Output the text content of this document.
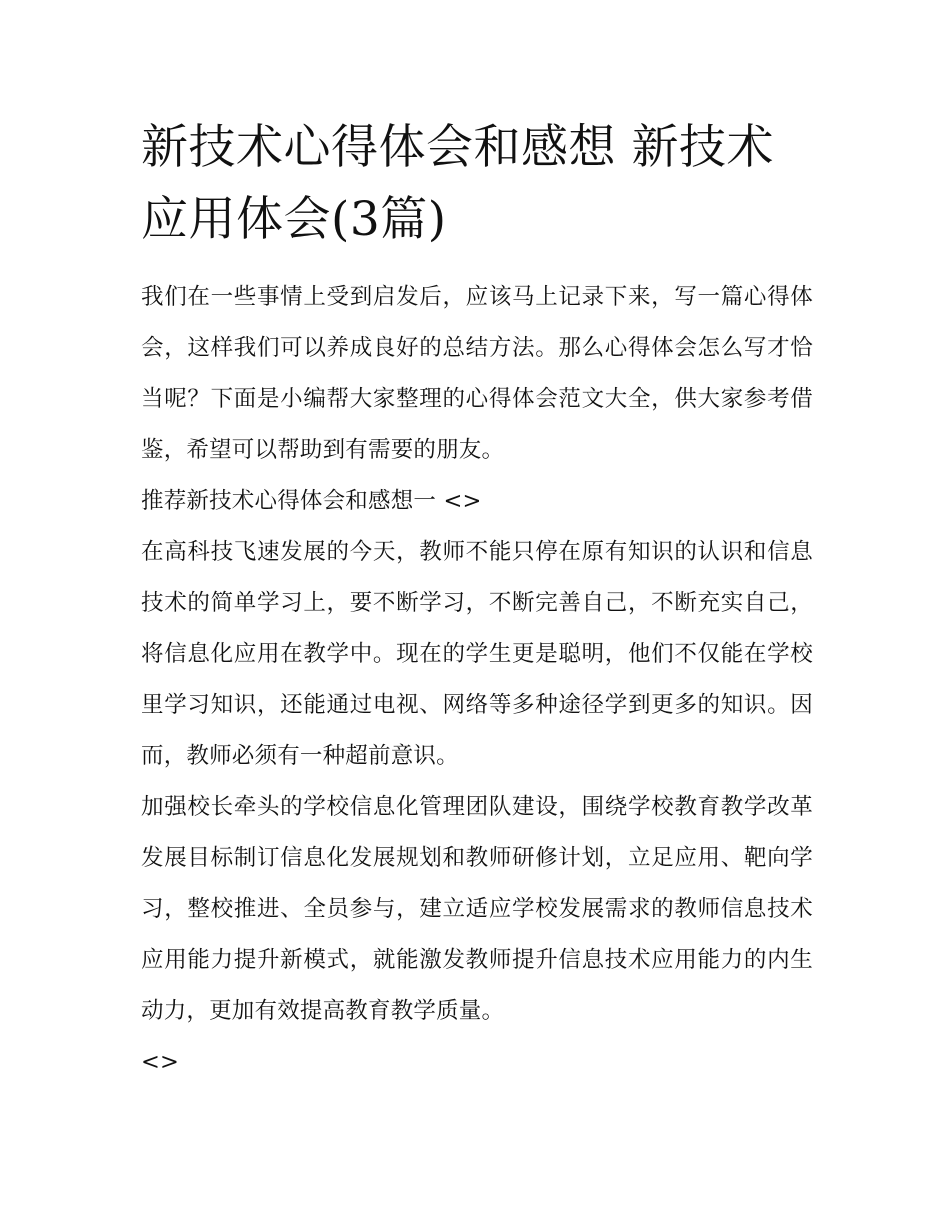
新技术心得体会和感想 新技术应用体会(3篇)

我们在一些事情上受到启发后，应该马上记录下来，写一篇心得体会，这样我们可以养成良好的总结方法。那么心得体会怎么写才恰当呢？下面是小编帮大家整理的心得体会范文大全，供大家参考借鉴，希望可以帮助到有需要的朋友。

推荐新技术心得体会和感想一 <>

在高科技飞速发展的今天，教师不能只停在原有知识的认识和信息技术的简单学习上，要不断学习，不断完善自己，不断充实自己，将信息化应用在教学中。现在的学生更是聪明，他们不仅能在学校里学习知识，还能通过电视、网络等多种途径学到更多的知识。因而，教师必须有一种超前意识。

加强校长牵头的学校信息化管理团队建设，围绕学校教育教学改革发展目标制订信息化发展规划和教师研修计划，立足应用、靶向学习，整校推进、全员参与，建立适应学校发展需求的教师信息技术应用能力提升新模式，就能激发教师提升信息技术应用能力的内生动力，更加有效提高教育教学质量。

<>
